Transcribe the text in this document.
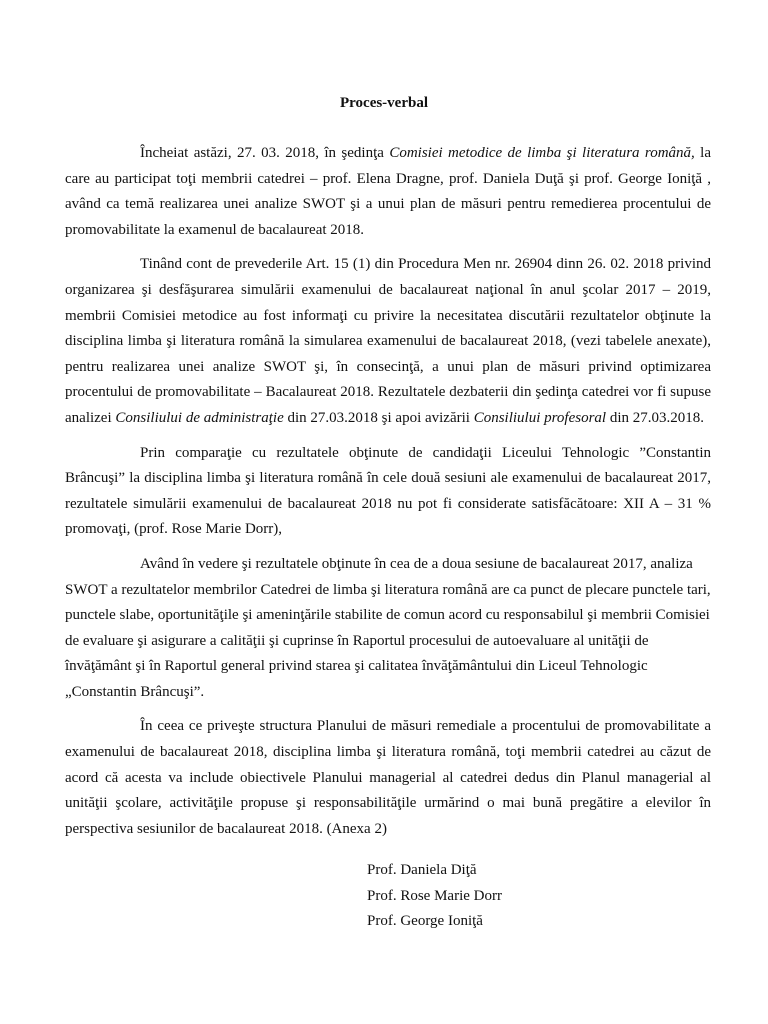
Proces-verbal

Încheiat astăzi, 27. 03. 2018, în şedinţa Comisiei metodice de limba şi literatura română, la care au participat toţi membrii catedrei – prof. Elena Dragne, prof. Daniela Duţă şi prof. George Ioniţă , având ca temă realizarea unei analize SWOT şi a unui plan de măsuri pentru remedierea procentului de promovabilitate la examenul de bacalaureat 2018.

Tinând cont de prevederile Art. 15 (1) din Procedura Men nr. 26904 dinn 26. 02. 2018 privind organizarea şi desfăşurarea simulării examenului de bacalaureat naţional în anul şcolar 2017 – 2019, membrii Comisiei metodice au fost informaţi cu privire la necesitatea discutării rezultatelor obţinute la disciplina limba şi literatura română la simularea examenului de bacalaureat 2018, (vezi tabelele anexate), pentru realizarea unei analize SWOT şi, în consecinţă, a unui plan de măsuri privind optimizarea procentului de promovabilitate – Bacalaureat 2018. Rezultatele dezbaterii din şedinţa catedrei vor fi supuse analizei Consiliului de administraţie din 27.03.2018 şi apoi avizării Consiliului profesoral din 27.03.2018.

Prin comparaţie cu rezultatele obţinute de candidaţii Liceului Tehnologic ”Constantin Brâncuşi” la disciplina limba şi literatura română în cele două sesiuni ale examenului de bacalaureat 2017, rezultatele simulării examenului de bacalaureat 2018 nu pot fi considerate satisfăcătoare: XII A – 31 % promovaţi, (prof. Rose Marie Dorr),

Având în vedere şi rezultatele obţinute în cea de a doua sesiune de bacalaureat 2017, analiza SWOT a rezultatelor membrilor Catedrei de limba şi literatura română are ca punct de plecare punctele tari, punctele slabe, oportunităţile şi ameninţările stabilite de comun acord cu responsabilul şi membrii Comisiei de evaluare şi asigurare a calităţii şi cuprinse în Raportul procesului de autoevaluare al unităţii de învăţământ şi în Raportul general privind starea şi calitatea învăţământului din Liceul Tehnologic „Constantin Brâncuşi”.

În ceea ce priveşte structura Planului de măsuri remediale a procentului de promovabilitate a examenului de bacalaureat 2018, disciplina limba şi literatura română, toţi membrii catedrei au căzut de acord că acesta va include obiectivele Planului managerial al catedrei dedus din Planul managerial al unităţii şcolare, activităţile propuse şi responsabilităţile urmărind o mai bună pregătire a elevilor în perspectiva sesiunilor de bacalaureat 2018. (Anexa 2)

Prof. Daniela Diţă
Prof. Rose Marie Dorr
Prof. George Ioniţă
